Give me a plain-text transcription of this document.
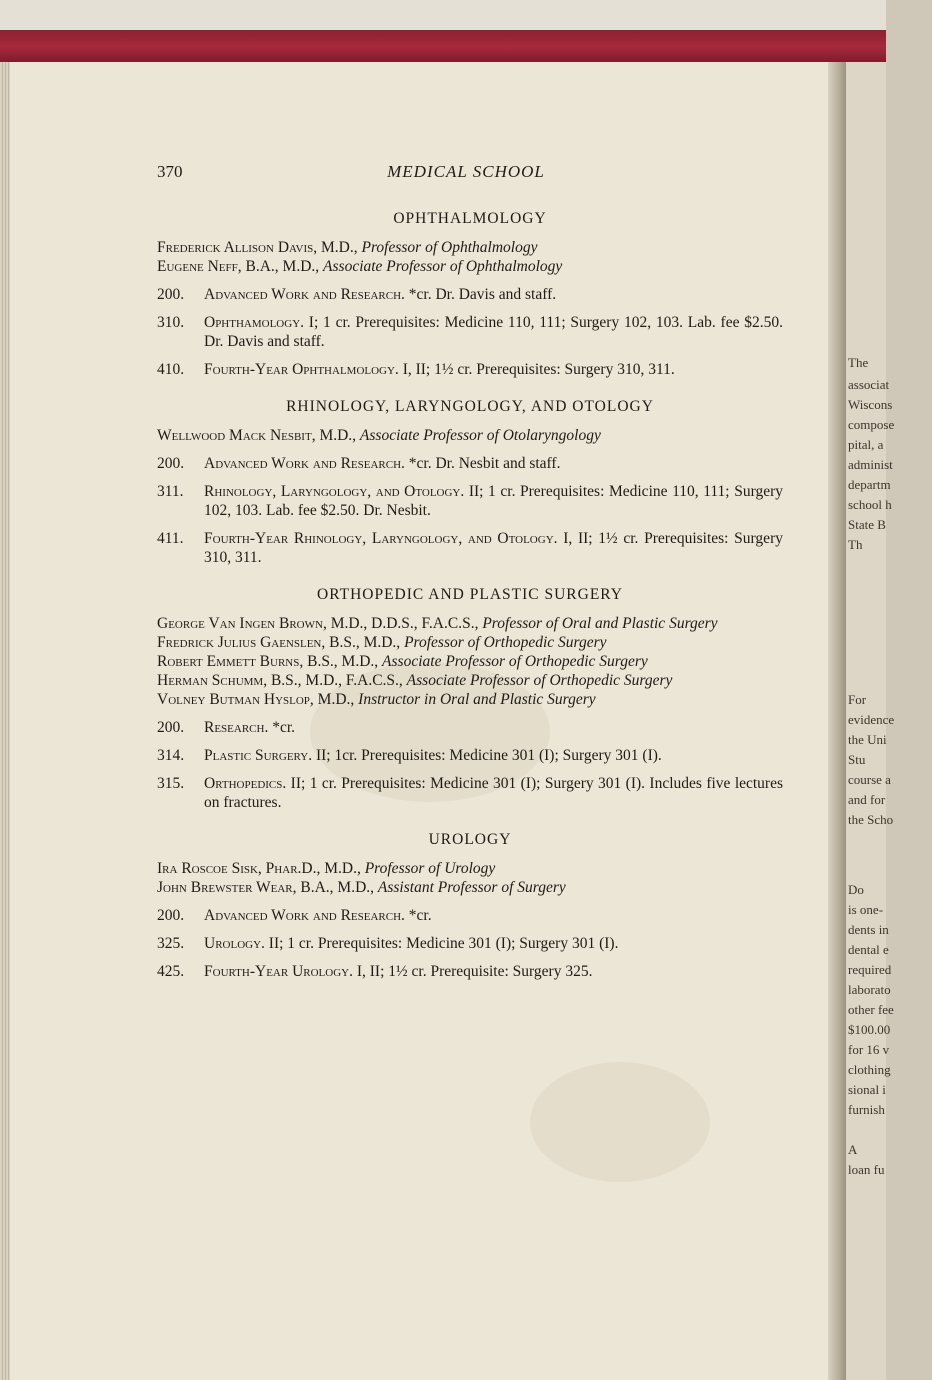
The
associat
Wiscons
compose
pital, a
administ
departm
school h
State B
Th
For
evidence
the Uni
Stu
course a
and for
the Scho
Do
is one-
dents in
dental e
required
laborato
other fee
$100.00
for 16 v
clothing
sional i
furnish
A
loan fu
370	MEDICAL SCHOOL
OPHTHALMOLOGY
Frederick Allison Davis, M.D., Professor of Ophthalmology
Eugene Neff, B.A., M.D., Associate Professor of Ophthalmology
200.	Advanced Work and Research. *cr. Dr. Davis and staff.
310.	Ophthamology. I; 1 cr. Prerequisites: Medicine 110, 111; Surgery 102, 103. Lab. fee $2.50. Dr. Davis and staff.
410.	Fourth-Year Ophthalmology. I, II; 1½ cr. Prerequisites: Surgery 310, 311.
RHINOLOGY, LARYNGOLOGY, AND OTOLOGY
Wellwood Mack Nesbit, M.D., Associate Professor of Otolaryngology
200.	Advanced Work and Research. *cr. Dr. Nesbit and staff.
311.	Rhinology, Laryngology, and Otology. II; 1 cr. Prerequisites: Medicine 110, 111; Surgery 102, 103. Lab. fee $2.50. Dr. Nesbit.
411.	Fourth-Year Rhinology, Laryngology, and Otology. I, II; 1½ cr. Prerequisites: Surgery 310, 311.
ORTHOPEDIC AND PLASTIC SURGERY
George Van Ingen Brown, M.D., D.D.S., F.A.C.S., Professor of Oral and Plastic Surgery
Fredrick Julius Gaenslen, B.S., M.D., Professor of Orthopedic Surgery
Robert Emmett Burns, B.S., M.D., Associate Professor of Orthopedic Surgery
Herman Schumm, B.S., M.D., F.A.C.S., Associate Professor of Orthopedic Surgery
Volney Butman Hyslop, M.D., Instructor in Oral and Plastic Surgery
200.	Research. *cr.
314.	Plastic Surgery. II; 1cr. Prerequisites: Medicine 301 (I); Surgery 301 (I).
315.	Orthopedics. II; 1 cr. Prerequisites: Medicine 301 (I); Surgery 301 (I). Includes five lectures on fractures.
UROLOGY
Ira Roscoe Sisk, Phar.D., M.D., Professor of Urology
John Brewster Wear, B.A., M.D., Assistant Professor of Surgery
200.	Advanced Work and Research. *cr.
325.	Urology. II; 1 cr. Prerequisites: Medicine 301 (I); Surgery 301 (I).
425.	Fourth-Year Urology. I, II; 1½ cr. Prerequisite: Surgery 325.
